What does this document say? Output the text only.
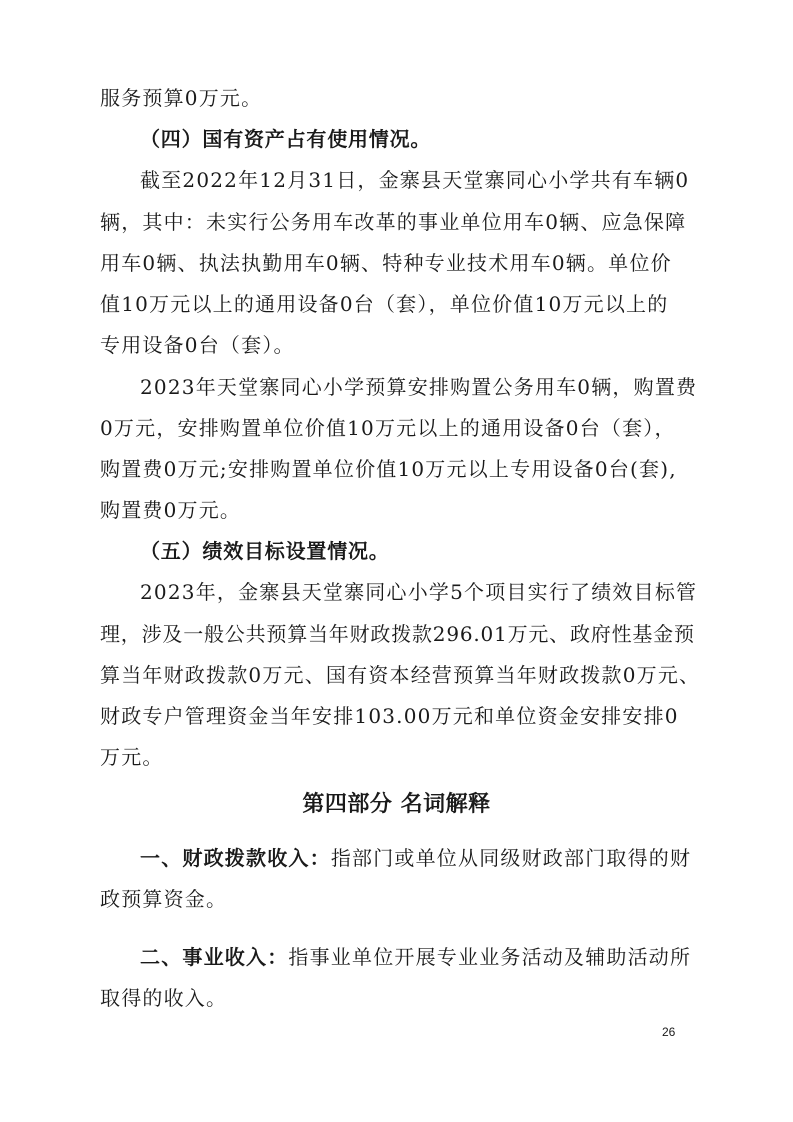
服务预算0万元。
（四）国有资产占有使用情况。
截至2022年12月31日，金寨县天堂寨同心小学共有车辆0
辆，其中：未实行公务用车改革的事业单位用车0辆、应急保障
用车0辆、执法执勤用车0辆、特种专业技术用车0辆。单位价
值10万元以上的通用设备0台（套），单位价值10万元以上的
专用设备0台（套）。
2023年天堂寨同心小学预算安排购置公务用车0辆，购置费
0万元，安排购置单位价值10万元以上的通用设备0台（套），
购置费0万元;安排购置单位价值10万元以上专用设备0台(套),
购置费0万元。
（五）绩效目标设置情况。
2023年，金寨县天堂寨同心小学5个项目实行了绩效目标管
理，涉及一般公共预算当年财政拨款296.01万元、政府性基金预
算当年财政拨款0万元、国有资本经营预算当年财政拨款0万元、
财政专户管理资金当年安排103.00万元和单位资金安排安排0
万元。
第四部分 名词解释
一、财政拨款收入：指部门或单位从同级财政部门取得的财
政预算资金。
二、事业收入：指事业单位开展专业业务活动及辅助活动所
取得的收入。
26
